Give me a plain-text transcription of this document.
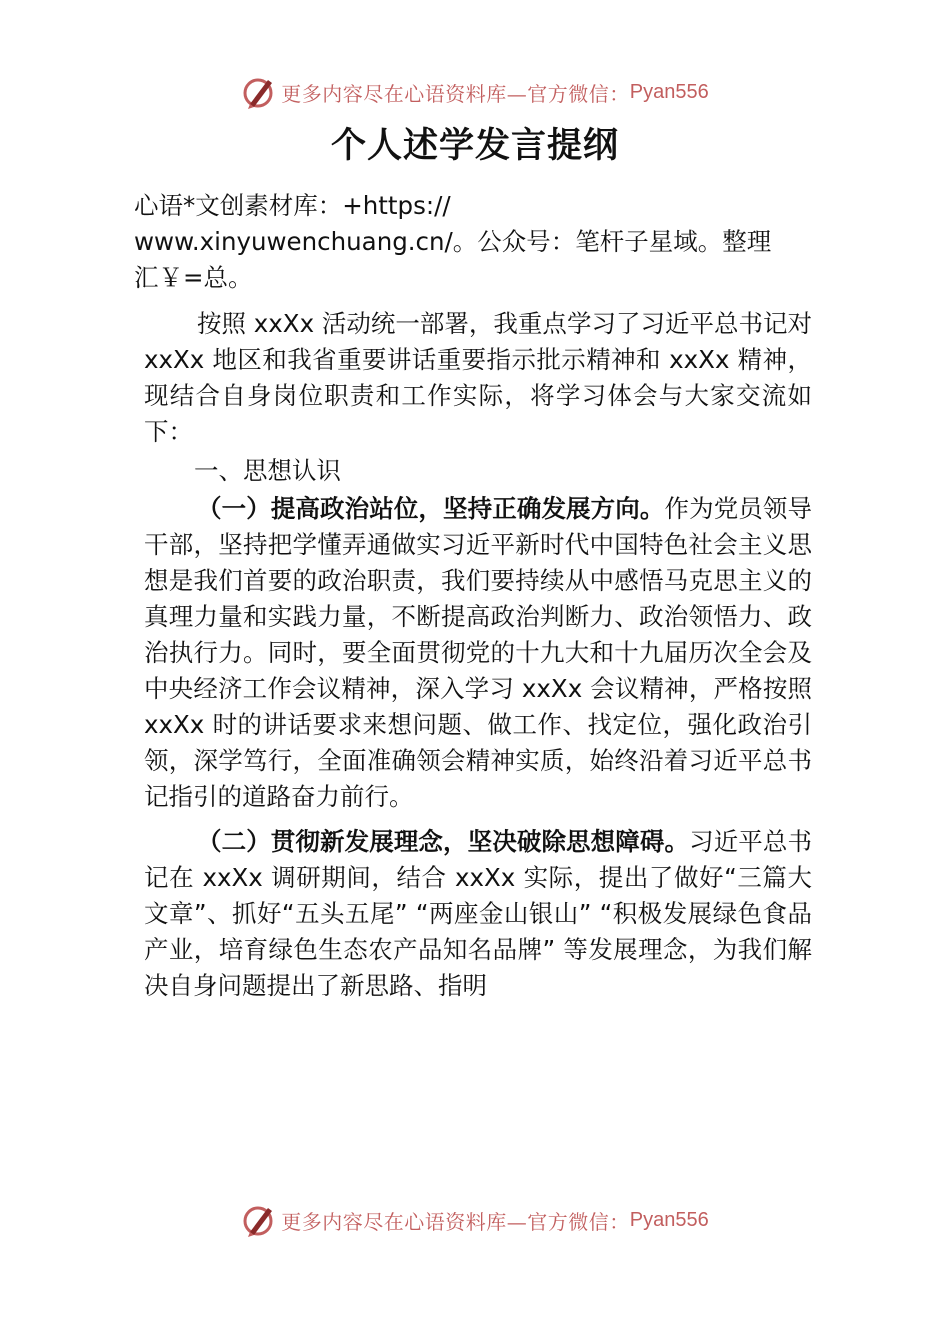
更多内容尽在心语资料库—官方微信： Pyan556
个人述学发言提纲
心语*文创素材库：+https://
www.xinyuwenchuang.cn/。公众号：笔杆子星域。整理
汇￥=总。

按照 xxXx 活动统一部署，我重点学习了习近平总书记对 xxXx 地区和我省重要讲话重要指示批示精神和 xxXx 精神，现结合自身岗位职责和工作实际，将学习体会与大家交流如下：

一、思想认识

（一）提高政治站位，坚持正确发展方向。作为党员领导干部，坚持把学懂弄通做实习近平新时代中国特色社会主义思想是我们首要的政治职责，我们要持续从中感悟马克思主义的真理力量和实践力量，不断提高政治判断力、政治领悟力、政治执行力。同时，要全面贯彻党的十九大和十九届历次全会及中央经济工作会议精神，深入学习 xxXx 会议精神，严格按照 xxXx 时的讲话要求来想问题、做工作、找定位，强化政治引领，深学笃行，全面准确领会精神实质，始终沿着习近平总书记指引的道路奋力前行。

（二）贯彻新发展理念，坚决破除思想障碍。习近平总书记在 xxXx 调研期间，结合 xxXx 实际，提出了做好“三篇大文章”、抓好“五头五尾” “两座金山银山” “积极发展绿色食品产业，培育绿色生态农产品知名品牌” 等发展理念，为我们解决自身问题提出了新思路、指明

更多内容尽在心语资料库—官方微信： Pyan556
